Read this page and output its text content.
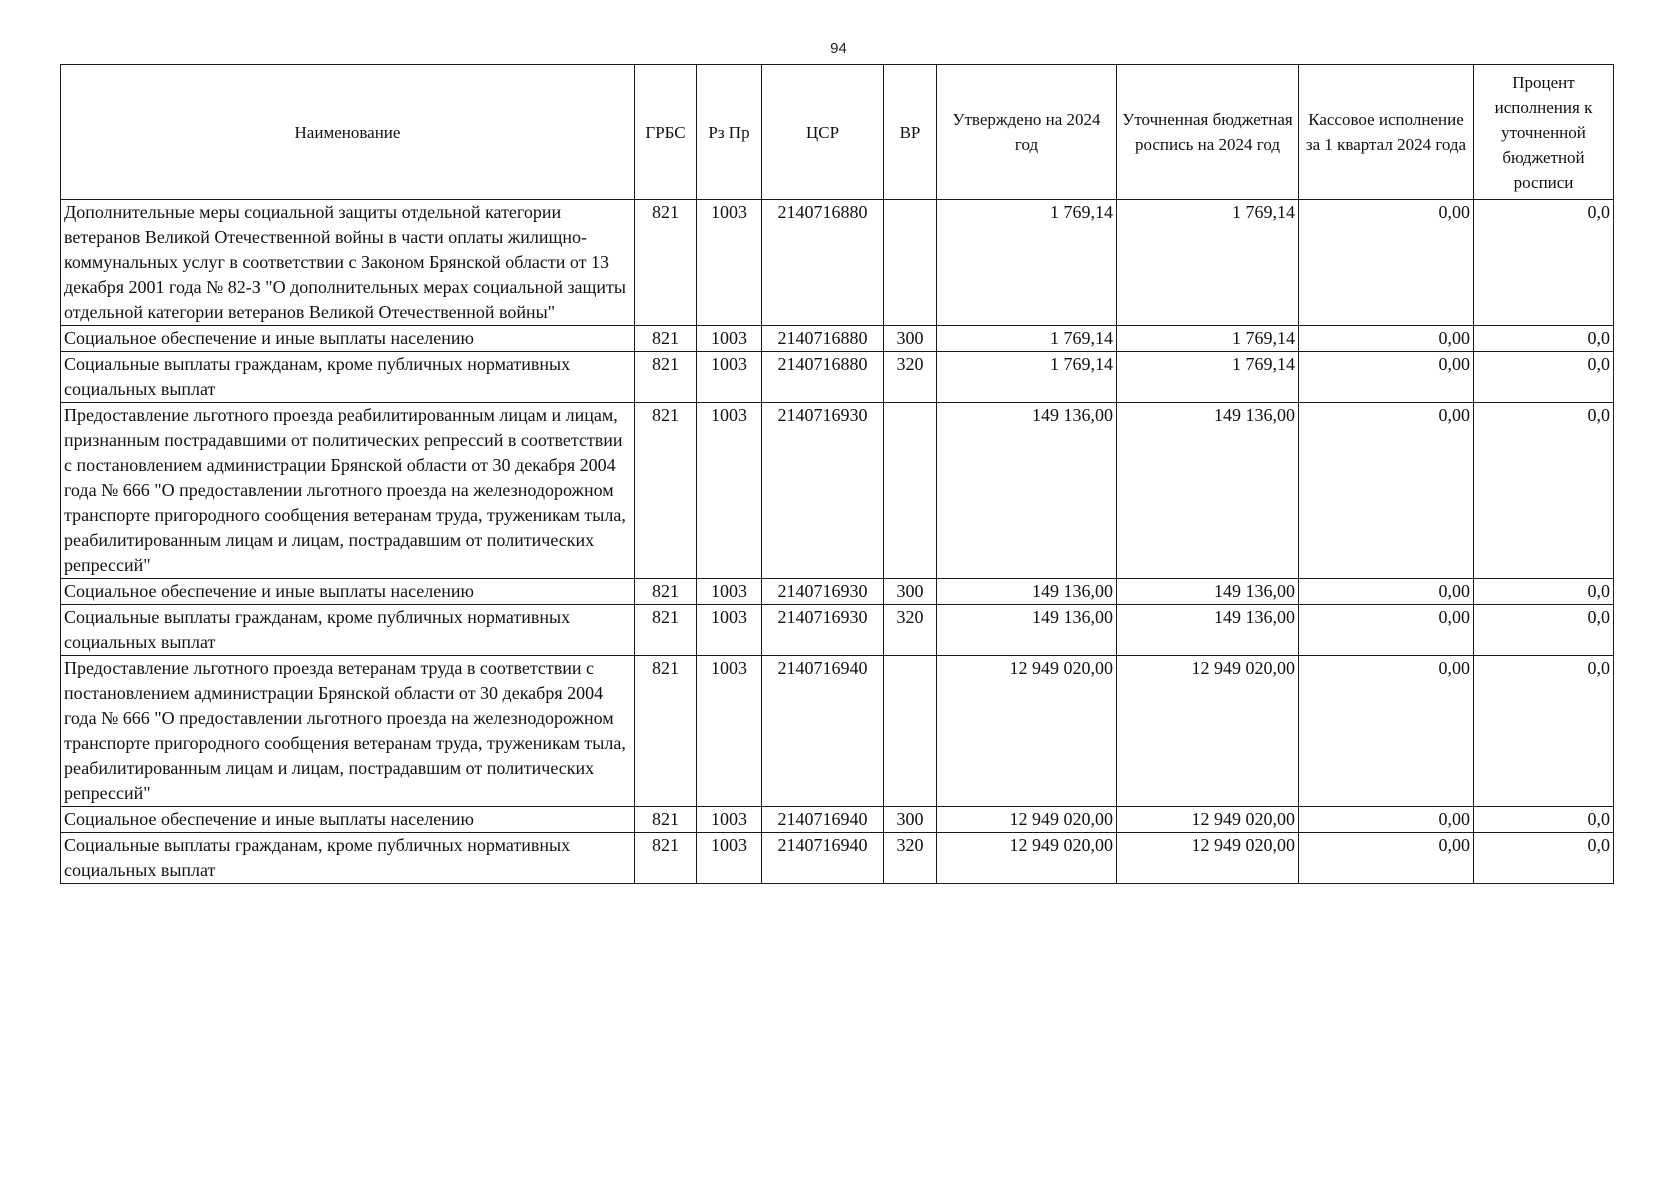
94
Наименование	ГРБС	Рз Пр	ЦСР	ВР	Утверждено на 2024 год	Уточненная бюджетная роспись на 2024 год	Кассовое исполнение за 1 квартал 2024 года	Процент исполнения к уточненной бюджетной росписи
Дополнительные меры социальной защиты отдельной категории ветеранов Великой Отечественной войны в части оплаты жилищно-коммунальных услуг в соответствии с Законом Брянской области от 13 декабря 2001 года № 82-З "О дополнительных мерах социальной защиты отдельной категории ветеранов Великой Отечественной войны"	821	1003	2140716880		1 769,14	1 769,14	0,00	0,0
Социальное обеспечение и иные выплаты населению	821	1003	2140716880	300	1 769,14	1 769,14	0,00	0,0
Социальные выплаты гражданам, кроме публичных нормативных социальных выплат	821	1003	2140716880	320	1 769,14	1 769,14	0,00	0,0
Предоставление льготного проезда реабилитированным лицам и лицам, признанным пострадавшими от политических репрессий в соответствии с постановлением администрации Брянской области от 30 декабря 2004 года № 666 "О предоставлении льготного проезда на железнодорожном транспорте пригородного сообщения ветеранам труда, труженикам тыла, реабилитированным лицам и лицам, пострадавшим от политических репрессий"	821	1003	2140716930		149 136,00	149 136,00	0,00	0,0
Социальное обеспечение и иные выплаты населению	821	1003	2140716930	300	149 136,00	149 136,00	0,00	0,0
Социальные выплаты гражданам, кроме публичных нормативных социальных выплат	821	1003	2140716930	320	149 136,00	149 136,00	0,00	0,0
Предоставление льготного проезда ветеранам труда в соответствии с постановлением администрации Брянской области от 30 декабря 2004 года № 666 "О предоставлении льготного проезда на железнодорожном транспорте пригородного сообщения ветеранам труда, труженикам тыла, реабилитированным лицам и лицам, пострадавшим от политических репрессий"	821	1003	2140716940		12 949 020,00	12 949 020,00	0,00	0,0
Социальное обеспечение и иные выплаты населению	821	1003	2140716940	300	12 949 020,00	12 949 020,00	0,00	0,0
Социальные выплаты гражданам, кроме публичных нормативных социальных выплат	821	1003	2140716940	320	12 949 020,00	12 949 020,00	0,00	0,0
